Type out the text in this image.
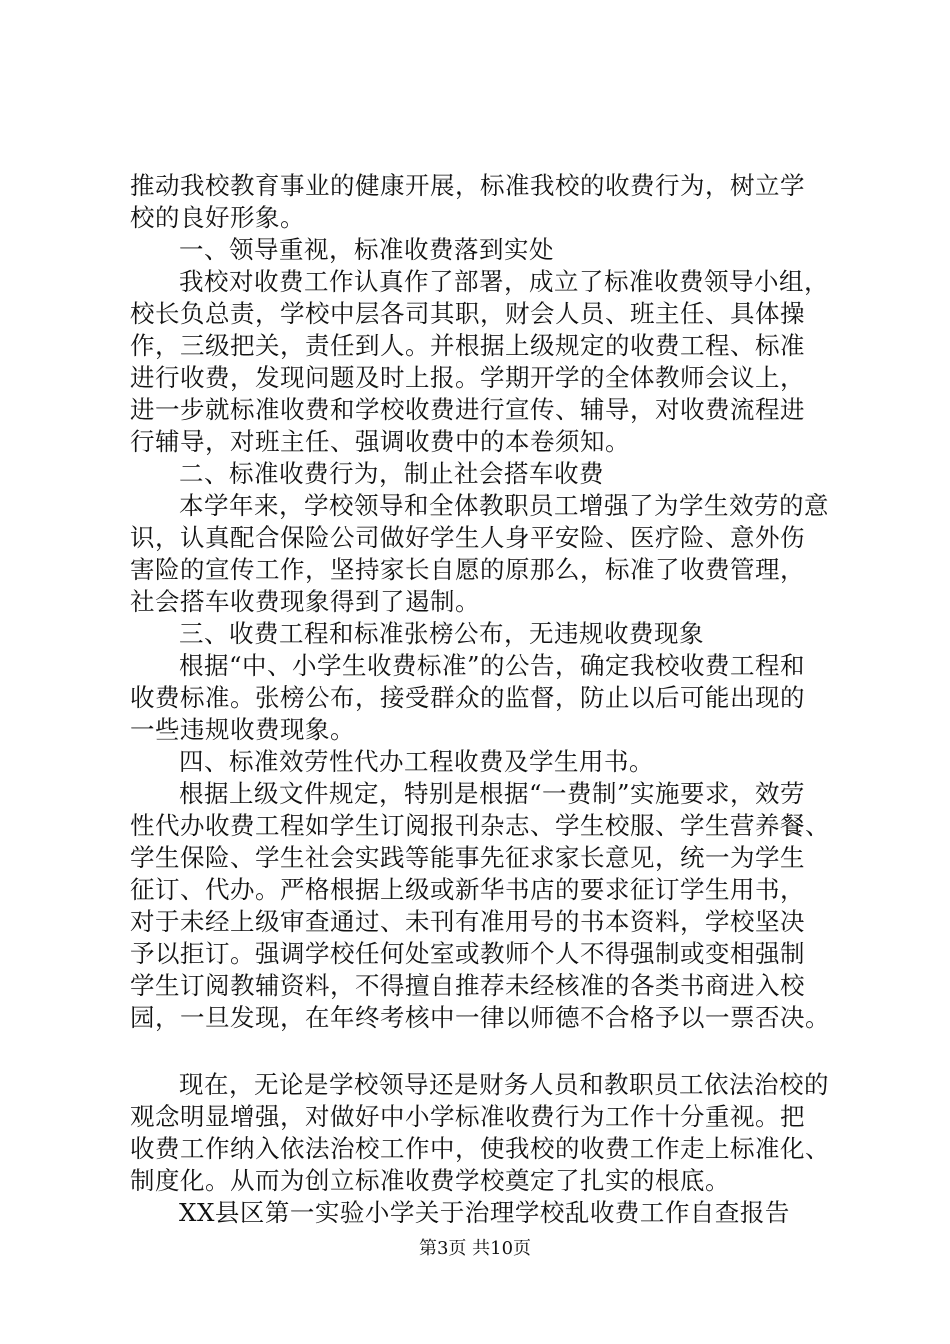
推动我校教育事业的健康开展，标准我校的收费行为，树立学
校的良好形象。
一、领导重视，标准收费落到实处
我校对收费工作认真作了部署，成立了标准收费领导小组，
校长负总责，学校中层各司其职，财会人员、班主任、具体操
作，三级把关，责任到人。并根据上级规定的收费工程、标准
进行收费，发现问题及时上报。学期开学的全体教师会议上，
进一步就标准收费和学校收费进行宣传、辅导，对收费流程进
行辅导，对班主任、强调收费中的本卷须知。
二、标准收费行为，制止社会搭车收费
本学年来，学校领导和全体教职员工增强了为学生效劳的意
识，认真配合保险公司做好学生人身平安险、医疗险、意外伤
害险的宣传工作，坚持家长自愿的原那么，标准了收费管理，
社会搭车收费现象得到了遏制。
三、收费工程和标准张榜公布，无违规收费现象
根据“中、小学生收费标准”的公告，确定我校收费工程和
收费标准。张榜公布，接受群众的监督，防止以后可能出现的
一些违规收费现象。
四、标准效劳性代办工程收费及学生用书。
根据上级文件规定，特别是根据“一费制”实施要求，效劳
性代办收费工程如学生订阅报刊杂志、学生校服、学生营养餐、
学生保险、学生社会实践等能事先征求家长意见，统一为学生
征订、代办。严格根据上级或新华书店的要求征订学生用书，
对于未经上级审查通过、未刊有准用号的书本资料，学校坚决
予以拒订。强调学校任何处室或教师个人不得强制或变相强制
学生订阅教辅资料，不得擅自推荐未经核准的各类书商进入校
园，一旦发现，在年终考核中一律以师德不合格予以一票否决。
现在，无论是学校领导还是财务人员和教职员工依法治校的
观念明显增强，对做好中小学标准收费行为工作十分重视。把
收费工作纳入依法治校工作中，使我校的收费工作走上标准化、
制度化。从而为创立标准收费学校奠定了扎实的根底。
XX县区第一实验小学关于治理学校乱收费工作自查报告
第3页 共10页
